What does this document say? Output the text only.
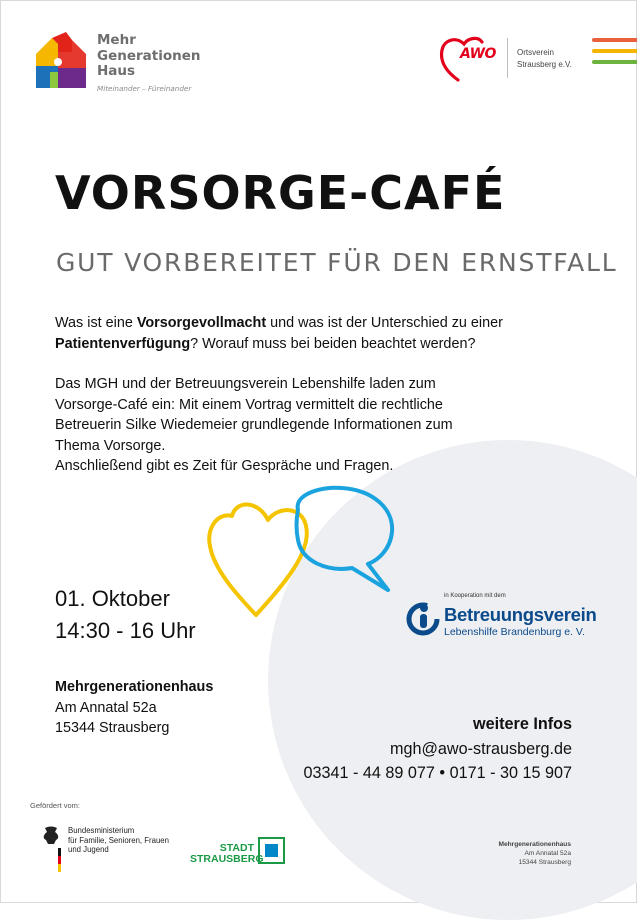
Mehr
Generationen
Haus
Miteinander – Füreinander
AWO	Ortsverein
Strausberg e.V.
VORSORGE-CAFÉ
GUT VORBEREITET FÜR DEN ERNSTFALL

Was ist eine Vorsorgevollmacht und was ist der Unterschied zu einer Patientenverfügung? Worauf muss bei beiden beachtet werden?

Das MGH und der Betreuungsverein Lebenshilfe laden zum
Vorsorge-Café ein: Mit einem Vortrag vermittelt die rechtliche
Betreuerin Silke Wiedemeier grundlegende Informationen zum
Thema Vorsorge.
Anschließend gibt es Zeit für Gespräche und Fragen.

01. Oktober
14:30 - 16 Uhr
in Kooperation mit dem
Betreuungsverein
Lebenshilfe Brandenburg e. V.
Mehrgenerationenhaus
Am Annatal 52a
15344 Strausberg	weitere Infos
mgh@awo-strausberg.de
03341 - 44 89 077 • 0171 - 30 15 907
Gefördert vom:
Bundesministerium
für Familie, Senioren, Frauen
und Jugend	STADT
STRAUSBERG
Mehrgenerationenhaus
Am Annatal 52a
15344 Strausberg
